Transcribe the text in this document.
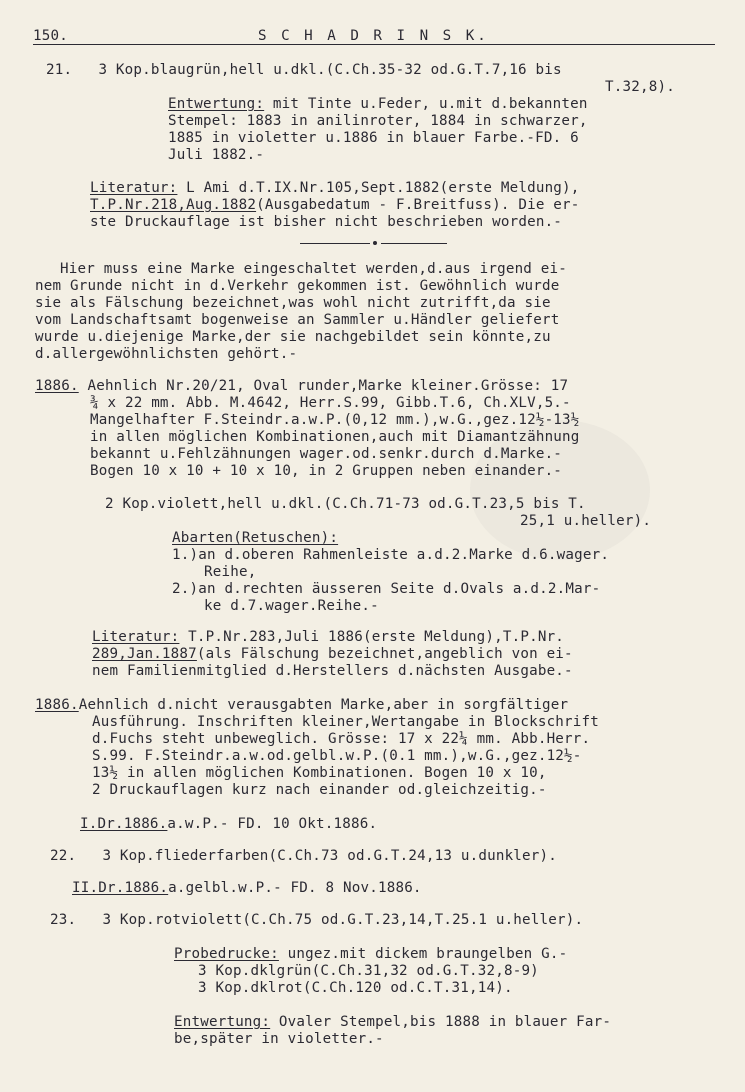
150.	S C H A D R I N S K.
21.   3 Kop.blaugrün,hell u.dkl.(C.Ch.35-32 od.G.T.7,16 bis
T.32,8).
Entwertung: mit Tinte u.Feder, u.mit d.bekannten
Stempel: 1883 in anilinroter, 1884 in schwarzer,
1885 in violetter u.1886 in blauer Farbe.-FD. 6
Juli 1882.-
Literatur: L Ami d.T.IX.Nr.105,Sept.1882(erste Meldung),
T.P.Nr.218,Aug.1882(Ausgabedatum - F.Breitfuss). Die er-
ste Druckauflage ist bisher nicht beschrieben worden.-
Hier muss eine Marke eingeschaltet werden,d.aus irgend ei-
nem Grunde nicht in d.Verkehr gekommen ist. Gewöhnlich wurde
sie als Fälschung bezeichnet,was wohl nicht zutrifft,da sie
vom Landschaftsamt bogenweise an Sammler u.Händler geliefert
wurde u.diejenige Marke,der sie nachgebildet sein könnte,zu
d.allergewöhnlichsten gehört.-
1886. Aehnlich Nr.20/21, Oval runder,Marke kleiner.Grösse: 17
¾ x 22 mm. Abb. M.4642, Herr.S.99, Gibb.T.6, Ch.XLV,5.-
Mangelhafter F.Steindr.a.w.P.(0,12 mm.),w.G.,gez.12½-13½
in allen möglichen Kombinationen,auch mit Diamantzähnung
bekannt u.Fehlzähnungen wager.od.senkr.durch d.Marke.-
Bogen 10 x 10 + 10 x 10, in 2 Gruppen neben einander.-
2 Kop.violett,hell u.dkl.(C.Ch.71-73 od.G.T.23,5 bis T.
25,1 u.heller).
Abarten(Retuschen):
1.)an d.oberen Rahmenleiste a.d.2.Marke d.6.wager.
Reihe,
2.)an d.rechten äusseren Seite d.Ovals a.d.2.Mar-
ke d.7.wager.Reihe.-
Literatur: T.P.Nr.283,Juli 1886(erste Meldung),T.P.Nr.
289,Jan.1887(als Fälschung bezeichnet,angeblich von ei-
nem Familienmitglied d.Herstellers d.nächsten Ausgabe.-
1886.Aehnlich d.nicht verausgabten Marke,aber in sorgfältiger
Ausführung. Inschriften kleiner,Wertangabe in Blockschrift
d.Fuchs steht unbeweglich. Grösse: 17 x 22¼ mm. Abb.Herr.
S.99. F.Steindr.a.w.od.gelbl.w.P.(0.1 mm.),w.G.,gez.12½-
13½ in allen möglichen Kombinationen. Bogen 10 x 10,
2 Druckauflagen kurz nach einander od.gleichzeitig.-
I.Dr.1886.a.w.P.- FD. 10 Okt.1886.
22.   3 Kop.fliederfarben(C.Ch.73 od.G.T.24,13 u.dunkler).
II.Dr.1886.a.gelbl.w.P.- FD. 8 Nov.1886.
23.   3 Kop.rotviolett(C.Ch.75 od.G.T.23,14,T.25.1 u.heller).
Probedrucke: ungez.mit dickem braungelben G.-
3 Kop.dklgrün(C.Ch.31,32 od.G.T.32,8-9)
3 Kop.dklrot(C.Ch.120 od.C.T.31,14).
Entwertung: Ovaler Stempel,bis 1888 in blauer Far-
be,später in violetter.-
